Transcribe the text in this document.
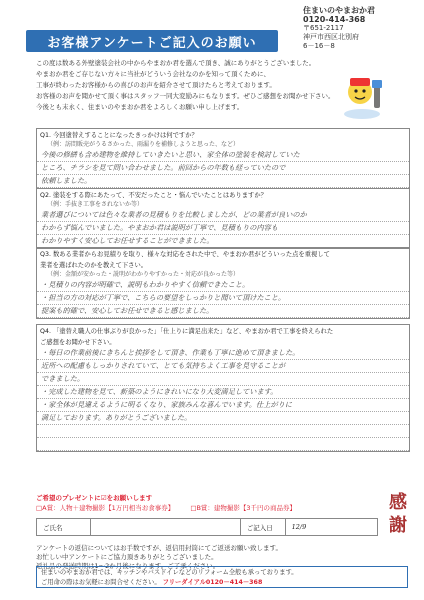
お客様アンケートご記入のお願い
住まいのやまおか君
0120-414-368
〒651-2117
神戸市西区北別府
6－16－8
この度は数ある外壁塗装会社の中からやまおか君を選んで頂き、誠にありがとうございました。
やまおか君をご存じない方々に当社がどういう会社なのかを知って頂くために、
工事が終わったお客様からの喜びのお声を紹介させて頂けたらと考えております。
お客様のお声を聞かせて頂く事はスタッフ一同大変励みにもなります。ぜひご感想をお聞かせ下さい。
今後とも末永く、住まいのやまおか君をよろしくお願い申し上げます。
Q1. 今回塗替えすることになったきっかけは何ですか？
（例：訪問販売がうるさかった、雨漏りを補修しようと思った、など）
今後の修繕も含め建物を維持していきたいと思い、家全体の塗装を検討していた
ところ、チラシを見て問い合わせました。前回からの年数も経っていたので
依頼しました。
Q2. 塗装をする際にあたって、不安だったこと・悩んでいたことはありますか？
（例：手抜き工事をされないか等）
業者選びについては色々な業者の見積もりを比較しましたが、どの業者が良いのか
わからず悩んでいました。やまおか君は説明が丁寧で、見積もりの内容も
わかりやすく安心してお任せすることができました。
Q3. 数ある業者からお見積りを取り、様々な対応をされた中で、やまおか君がどういった点を重視して
業者を選ばれたのかを教えて下さい。
（例：金額が安かった・説明がわかりやすかった・対応が良かった等）
・見積りの内容が明確で、説明もわかりやすく信頼できたこと。
・担当の方の対応が丁寧で、こちらの要望をしっかりと聞いて頂けたこと。
提案も的確で、安心してお任せできると感じました。
Q4. 「塗替え職人の仕事ぶりが良かった」「仕上りに満足出来た」など、やまおか君で工事を終えられた
ご感想をお聞かせ下さい。
・毎日の作業前後にきちんと挨拶をして頂き、作業も丁寧に進めて頂きました。
近所への配慮もしっかりされていて、とても気持ちよく工事を見守ることが
できました。
・完成した建物を見て、新築のようにきれいになり大変満足しています。
・家全体が見違えるように明るくなり、家族みんな喜んでいます。仕上がりに
満足しております。ありがとうございました。
ご希望のプレゼントに☑をお願いします
□A賞：人物＋建物撮影【1万円相当お食事券】 □B賞：建物撮影【3千円の商品券】
ご氏名	ご記入日	12/9
感謝
アンケートの返信についてはお手数ですが、返信用封筒にてご返送お願い致します。
お忙しい中アンケートにご協力頂きありがとうございました。
返礼品の発送時期は1～2か月後になります。ご了承ください。
住まいのやまおか君では、キッチンやバスドイレなどのリフォーム全般も承っております。
ご用命の際はお気軽にお問合せください。 フリーダイアル0120－414－368
